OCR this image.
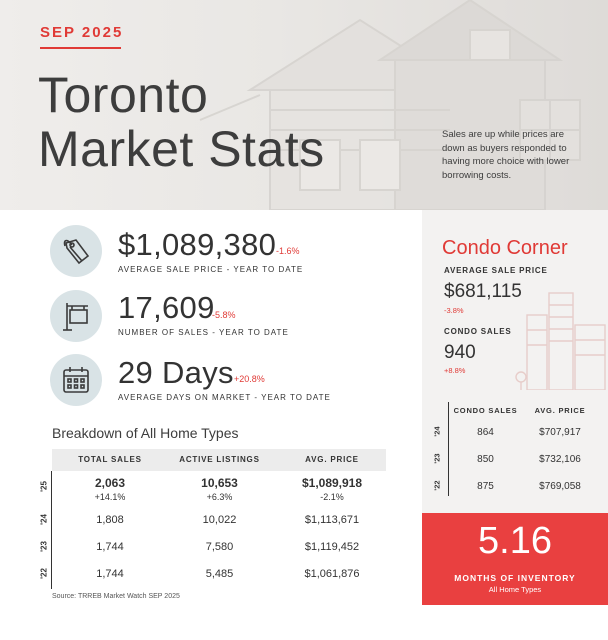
SEP 2025
Toronto
Market Stats	Sales are up while prices are down as buyers responded to having more choice with lower borrowing costs.
$1,089,380 -1.6%
AVERAGE SALE PRICE - YEAR TO DATE
17,609
-5.8%
NUMBER OF SALES - YEAR TO DATE
29 Days +20.8%
AVERAGE DAYS ON MARKET - YEAR TO DATE
Breakdown of All Home Types
TOTAL SALES	ACTIVE LISTINGS	AVG. PRICE
'25	2,063	10,653	$1,089,918
+14.1%	+6.3%	-2.1%
'24	1,808	10,022	$1,113,671
'23	1,744	7,580	$1,119,452
'22	1,744	5,485	$1,061,876
Source: TRREB Market Watch SEP 2025
Condo Corner
AVERAGE SALE PRICE
$681,115
-3.8%
CONDO SALES
940
+8.8%
CONDO SALES	AVG. PRICE
'24	864	$707,917
'23	850	$732,106
'22	875	$769,058
5.16
MONTHS OF INVENTORY
All Home Types
